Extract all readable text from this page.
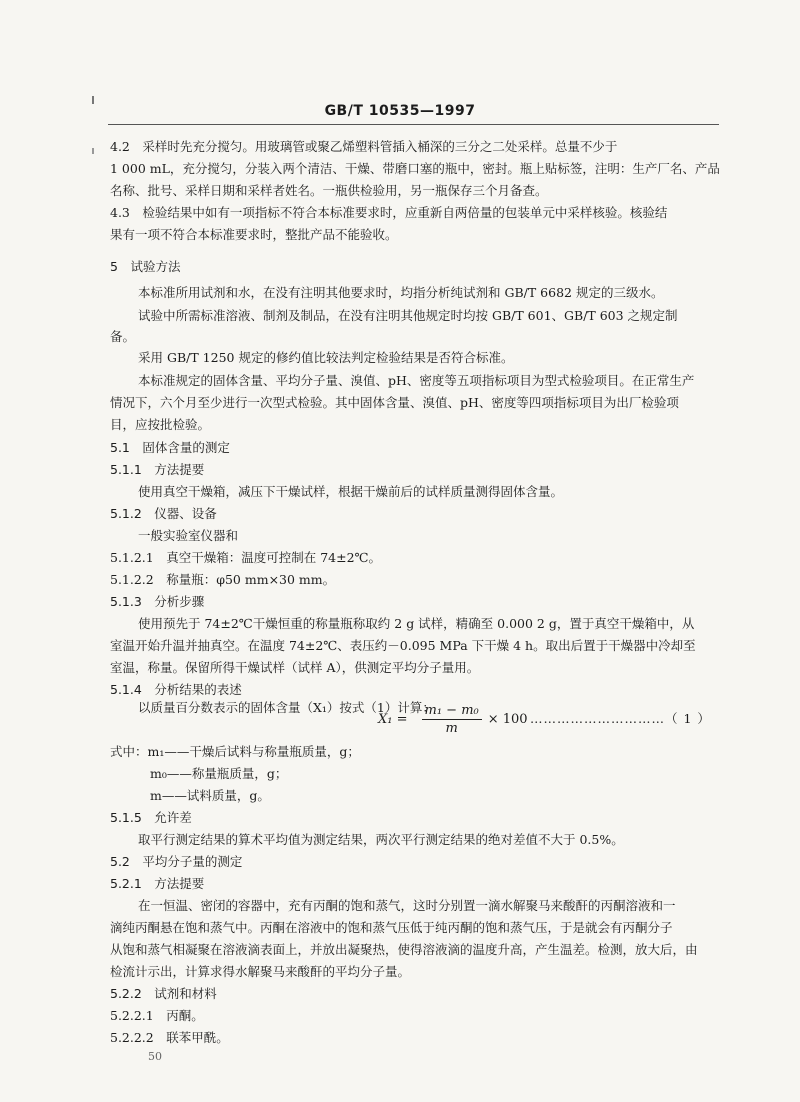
GB/T 10535—1997
4.2　采样时先充分搅匀。用玻璃管或聚乙烯塑料管插入桶深的三分之二处采样。总量不少于
1 000 mL，充分搅匀，分装入两个清洁、干燥、带磨口塞的瓶中，密封。瓶上贴标签，注明：生产厂名、产品
名称、批号、采样日期和采样者姓名。一瓶供检验用，另一瓶保存三个月备查。
4.3　检验结果中如有一项指标不符合本标准要求时，应重新自两倍量的包装单元中采样核验。核验结
果有一项不符合本标准要求时，整批产品不能验收。
5　试验方法
本标准所用试剂和水，在没有注明其他要求时，均指分析纯试剂和 GB/T 6682 规定的三级水。
试验中所需标准溶液、制剂及制品，在没有注明其他规定时均按 GB/T 601、GB/T 603 之规定制
备。
采用 GB/T 1250 规定的修约值比较法判定检验结果是否符合标准。
本标准规定的固体含量、平均分子量、溴值、pH、密度等五项指标项目为型式检验项目。在正常生产
情况下，六个月至少进行一次型式检验。其中固体含量、溴值、pH、密度等四项指标项目为出厂检验项
目，应按批检验。
5.1　固体含量的测定
5.1.1　方法提要
使用真空干燥箱，减压下干燥试样，根据干燥前后的试样质量测得固体含量。
5.1.2　仪器、设备
一般实验室仪器和
5.1.2.1　真空干燥箱：温度可控制在 74±2℃。
5.1.2.2　称量瓶：φ50 mm×30 mm。
5.1.3　分析步骤
使用预先于 74±2℃干燥恒重的称量瓶称取约 2 g 试样，精确至 0.000 2 g，置于真空干燥箱中，从
室温开始升温并抽真空。在温度 74±2℃、表压约－0.095 MPa 下干燥 4 h。取出后置于干燥器中冷却至
室温，称量。保留所得干燥试样（试样 A），供测定平均分子量用。
5.1.4　分析结果的表述
以质量百分数表示的固体含量（X₁）按式（1）计算：
$X_1 = \frac{\text{m₁ − m₀}}{m} \times 100$ …………………………（ 1 ）
式中：m₁——干燥后试料与称量瓶质量，g；
m₀——称量瓶质量，g；
m——试料质量，g。
5.1.5　允许差
取平行测定结果的算术平均值为测定结果，两次平行测定结果的绝对差值不大于 0.5%。
5.2　平均分子量的测定
5.2.1　方法提要
在一恒温、密闭的容器中，充有丙酮的饱和蒸气，这时分别置一滴水解聚马来酸酐的丙酮溶液和一
滴纯丙酮悬在饱和蒸气中。丙酮在溶液中的饱和蒸气压低于纯丙酮的饱和蒸气压，于是就会有丙酮分子
从饱和蒸气相凝聚在溶液滴表面上，并放出凝聚热，使得溶液滴的温度升高，产生温差。检测，放大后，由
检流计示出，计算求得水解聚马来酸酐的平均分子量。
5.2.2　试剂和材料
5.2.2.1　丙酮。
5.2.2.2　联苯甲酰。
50
